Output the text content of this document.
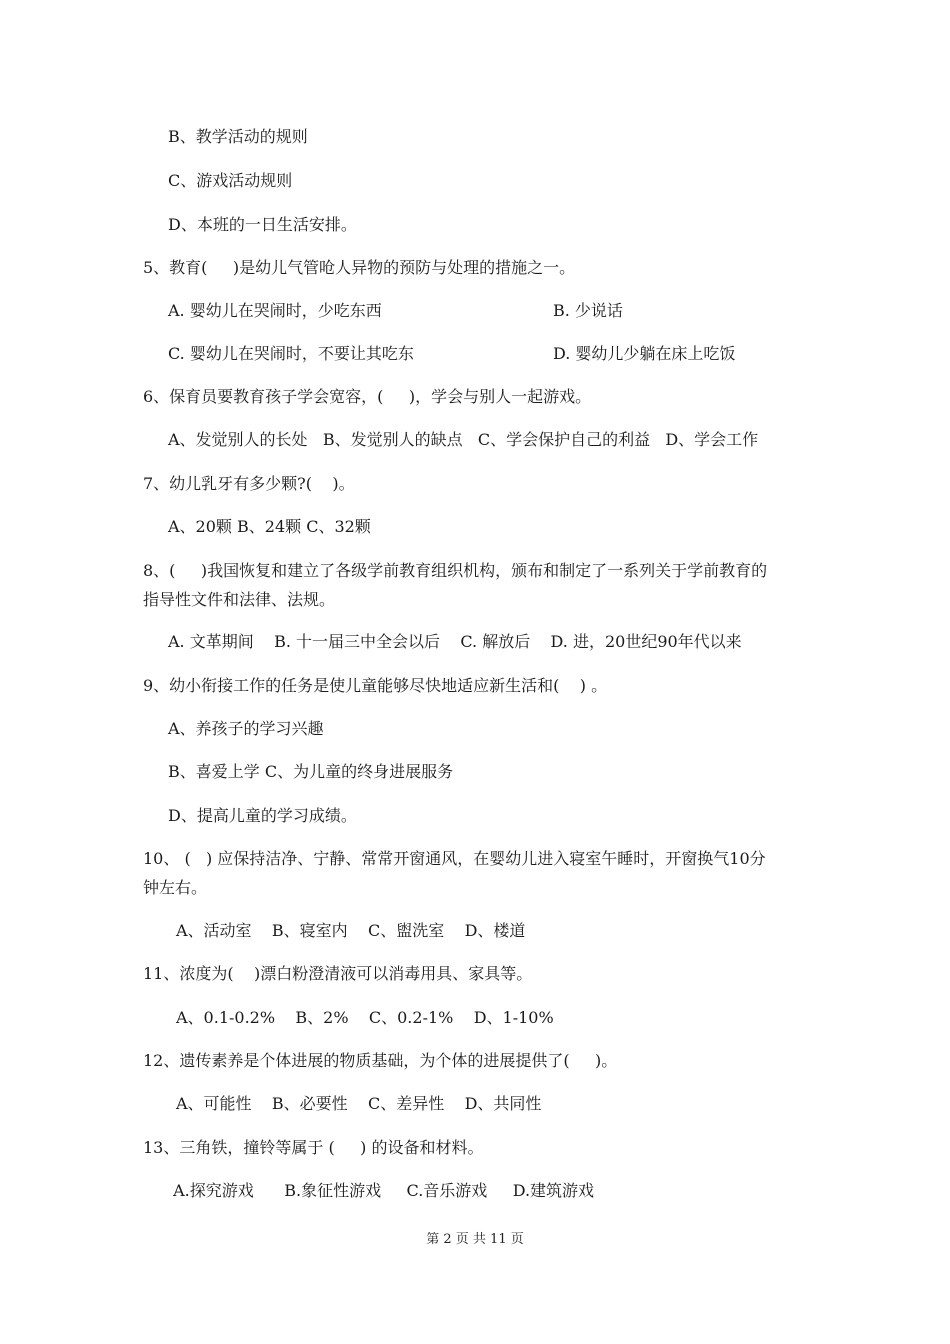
B、教学活动的规则
C、游戏活动规则
D、本班的一日生活安排。
5、教育(     )是幼儿气管呛人异物的预防与处理的措施之一。
A. 婴幼儿在哭闹时，少吃东西	B. 少说话
C. 婴幼儿在哭闹时，不要让其吃东	D. 婴幼儿少躺在床上吃饭
6、保育员要教育孩子学会宽容，(     )，学会与别人一起游戏。
A、发觉别人的长处   B、发觉别人的缺点   C、学会保护自己的利益   D、学会工作
7、幼儿乳牙有多少颗?(    )。
A、20颗 B、24颗 C、32颗
8、(     )我国恢复和建立了各级学前教育组织机构，颁布和制定了一系列关于学前教育的
指导性文件和法律、法规。
A. 文革期间    B. 十一届三中全会以后    C. 解放后    D. 进，20世纪90年代以来
9、幼小衔接工作的任务是使儿童能够尽快地适应新生活和(    ) 。
A、养孩子的学习兴趣
B、喜爱上学 C、为儿童的终身进展服务
D、提高儿童的学习成绩。
10、 (   ) 应保持洁净、宁静、常常开窗通风，在婴幼儿进入寝室午睡时，开窗换气10分
钟左右。
A、活动室    B、寝室内    C、盥洗室    D、楼道
11、浓度为(    )漂白粉澄清液可以消毒用具、家具等。
A、0.1-0.2%    B、2%    C、0.2-1%    D、1-10%
12、遗传素养是个体进展的物质基础，为个体的进展提供了(     )。
A、可能性    B、必要性    C、差异性    D、共同性
13、三角铁，撞铃等属于 (     ) 的设备和材料。
A.探究游戏      B.象征性游戏     C.音乐游戏     D.建筑游戏
第 2 页 共 11 页
